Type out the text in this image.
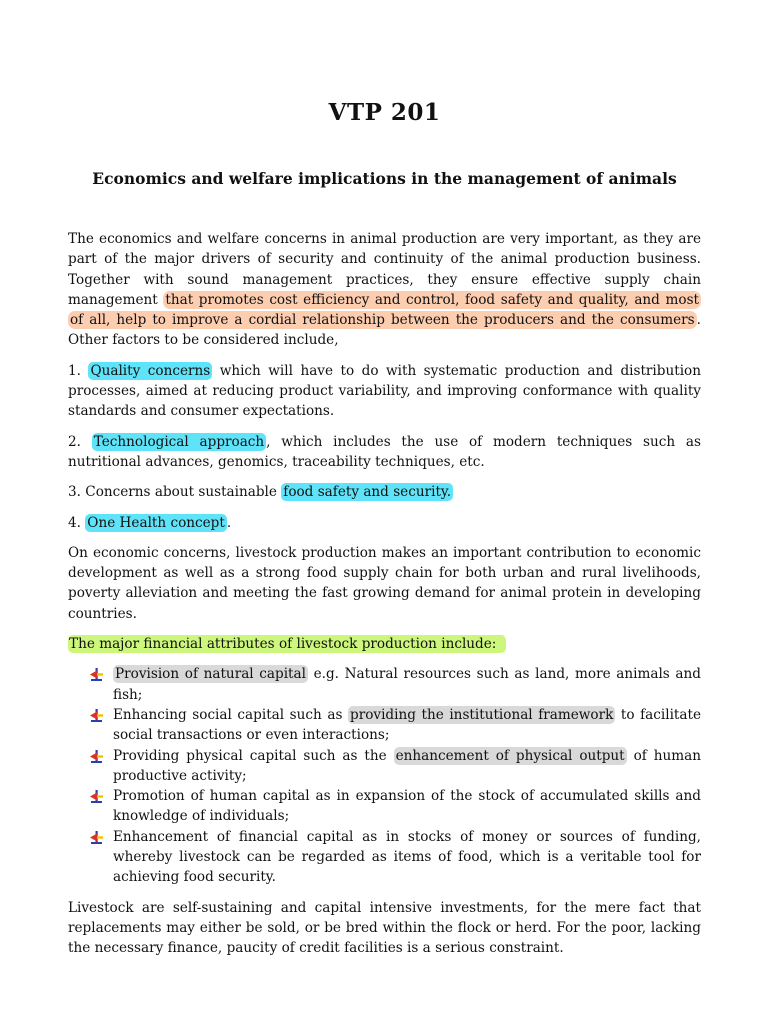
VTP 201
Economics and welfare implications in the management of animals

The economics and welfare concerns in animal production are very important, as they are part of the major drivers of security and continuity of the animal production business. Together with sound management practices, they ensure effective supply chain management that promotes cost efficiency and control, food safety and quality, and most of all, help to improve a cordial relationship between the producers and the consumers . Other factors to be considered include,

1. Quality concerns which will have to do with systematic production and distribution processes, aimed at reducing product variability, and improving conformance with quality standards and consumer expectations.

2. Technological approach , which includes the use of modern techniques such as nutritional advances, genomics, traceability techniques, etc.

3. Concerns about sustainable food safety and security.

4. One Health concept .

On economic concerns, livestock production makes an important contribution to economic development as well as a strong food supply chain for both urban and rural livelihoods, poverty alleviation and meeting the fast growing demand for animal protein in developing countries.

The major financial attributes of livestock production include:

Provision of natural capital e.g. Natural resources such as land, more animals and fish;
Enhancing social capital such as providing the institutional framework to facilitate social transactions or even interactions;
Providing physical capital such as the enhancement of physical output of human productive activity;
Promotion of human capital as in expansion of the stock of accumulated skills and knowledge of individuals;
Enhancement of financial capital as in stocks of money or sources of funding, whereby livestock can be regarded as items of food, which is a veritable tool for achieving food security.

Livestock are self-sustaining and capital intensive investments, for the mere fact that replacements may either be sold, or be bred within the flock or herd. For the poor, lacking the necessary finance, paucity of credit facilities is a serious constraint.
